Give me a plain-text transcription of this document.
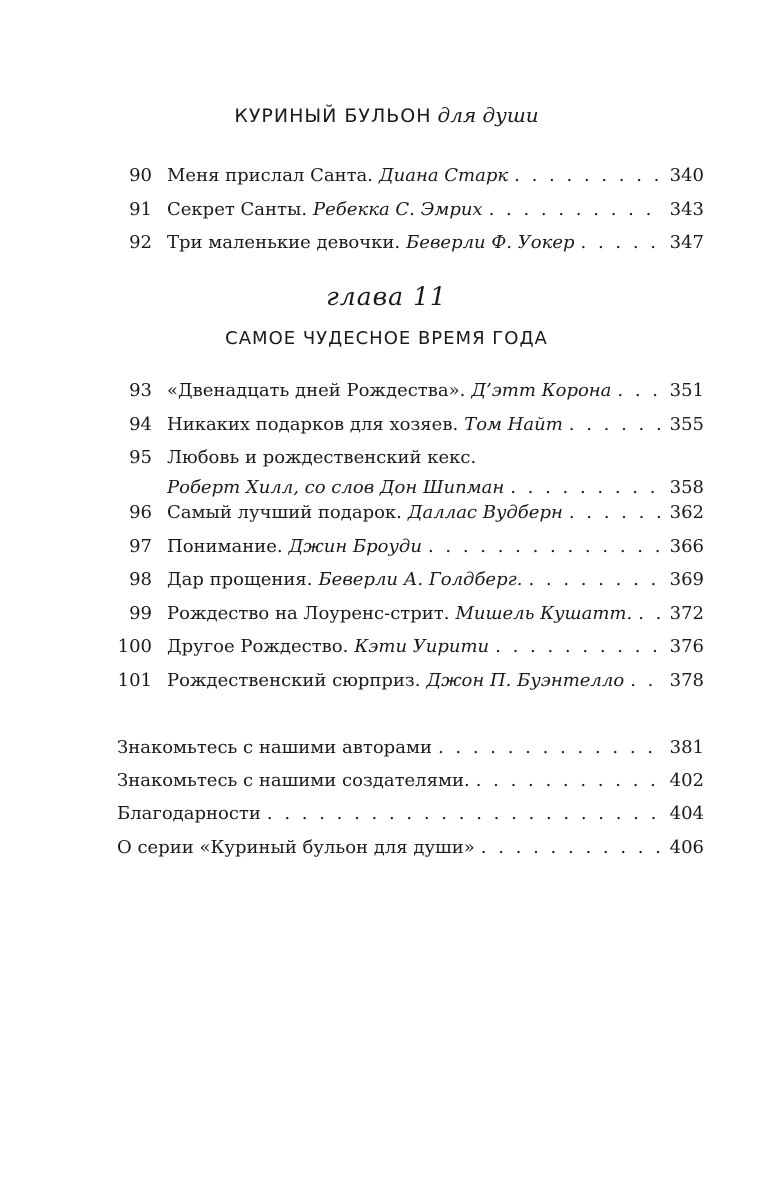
КУРИНЫЙ БУЛЬОН для души
90 Меня прислал Санта. Диана Старк . . .	340
91 Секрет Санты. Ребекка С. Эмрих . . .	343
92 Три маленькие девочки. Беверли Ф. Уокер . . .	347
глава 11
САМОЕ ЧУДЕСНОЕ ВРЕМЯ ГОДА
93 «Двенадцать дней Рождества». Д’этт Корона . . .	351
94 Никаких подарков для хозяев. Том Найт . . .	355
95 Любовь и рождественский кекс.
Роберт Хилл, со слов Дон Шипман . . .	358
96 Самый лучший подарок. Даллас Вудберн . . .	362
97 Понимание. Джин Броуди . . .	366
98 Дар прощения. Беверли А. Голдберг. . . .	369
99 Рождество на Лоуренс-стрит. Мишель Кушатт. . . . 372
100 Другое Рождество. Кэти Уирити . . .	376
101 Рождественский сюрприз. Джон П. Буэнтелло . . .	378
Знакомьтесь с нашими авторами . . .	381
Знакомьтесь с нашими создателями. . . .	402
Благодарности . . .	404
О серии «Куриный бульон для души» . . .	406
